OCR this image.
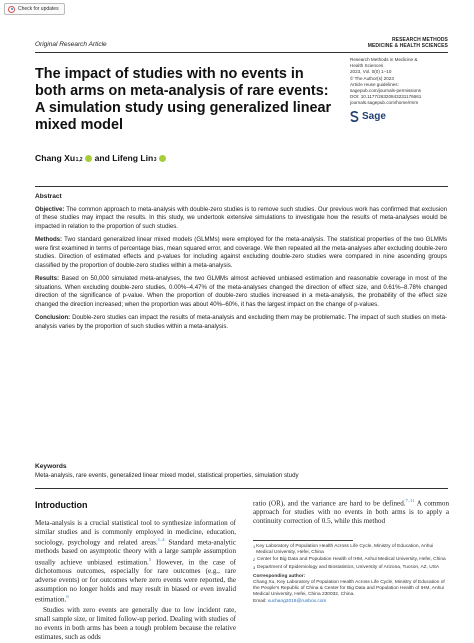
Check for updates
Original Research Article
RESEARCH METHODS
MEDICINE & HEALTH SCIENCES
The impact of studies with no events in both arms on meta-analysis of rare events: A simulation study using generalized linear mixed model
Research Methods in Medicine &
Health Sciences
2023, Vol. 0(0) 1–10
© The Author(s) 2023
Article reuse guidelines:
sagepub.com/journals-permissions
DOI: 10.1177/26320843231176661
journals.sagepub.com/home/rmm
Sage
Chang $Xu_{1,2}$ and
Lifeng Lin$_3$
Abstract

Objective: The common approach to meta-analysis with double-zero studies is to remove such studies. Our previous work has confirmed that exclusion of these studies may impact the results. In this study, we undertook extensive simulations to investigate how the results of meta-analyses would be impacted in relation to the proportion of such studies.

Methods: Two standard generalized linear mixed models (GLMMs) were employed for the meta-analysis. The statistical properties of the two GLMMs were first examined in terms of percentage bias, mean squared error, and coverage. We then repeated all the meta-analyses after excluding double-zero studies. Direction of estimated effects and p-values for including against excluding double-zero studies were compared in nine ascending groups classified by the proportion of double-zero studies within a meta-analysis.

Results: Based on 50,000 simulated meta-analyses, the two GLMMs almost achieved unbiased estimation and reasonable coverage in most of the situations. When excluding double-zero studies, 0.00%–4.47% of the meta-analyses changed the direction of effect size, and 0.61%–8.78% changed direction of the significance of p-value. When the proportion of double-zero studies increased in a meta-analysis, the probability of the effect size changed the direction increased; when the proportion was about 40%–60%, it has the largest impact on the change of p-values.

Conclusion: Double-zero studies can impact the results of meta-analysis and excluding them may be problematic. The impact of such studies on meta-analysis varies by the proportion of such studies within a meta-analysis.

Keywords
Meta-analysis, rare events, generalized linear mixed model, statistical properties, simulation study
Introduction

Meta-analysis is a crucial statistical tool to synthesize information of similar studies and is commonly employed in medicine, education, sociology, psychology and related areas.$^{1-4}$ Standard meta-analytic methods based on asymptotic theory with a large sample assumption usually achieve unbiased estimation.$^5$ However, in the case of dichotomous outcomes, especially for rare outcomes (e.g., rare adverse events) or for outcomes where zero events were reported, the assumption no longer holds and may result in biased or even invalid estimation.$^6$

Studies with zero events are generally due to low incident rate, small sample size, or limited follow-up period. Dealing with studies of no events in both arms has been a tough problem because the relative estimates, such as odds

ratio (OR), and the variance are hard to be defined.$^{7-11}$ A common approach for studies with no events in both arms is to apply a continuity correction of 0.5, while this method
1 Key Laboratory of Population Health Across Life Cycle, Ministry of Education, Anhui Medical University, Hefei, China
2 Center for Big Data and Population Health of IHM, Anhui Medical University, Hefei, China
3 Department of Epidemiology and Biostatistics, University of Arizona, Tucson, AZ, USA
Corresponding author:
Chang Xu, Key Laboratory of Population Health Across Life Cycle, Ministry of Education of the People's Republic of China & Center for Big Data and Population Health of IHM, Anhui Medical University, Hefei, China 230032, China.
Email: xuchang2016@runbox.com
